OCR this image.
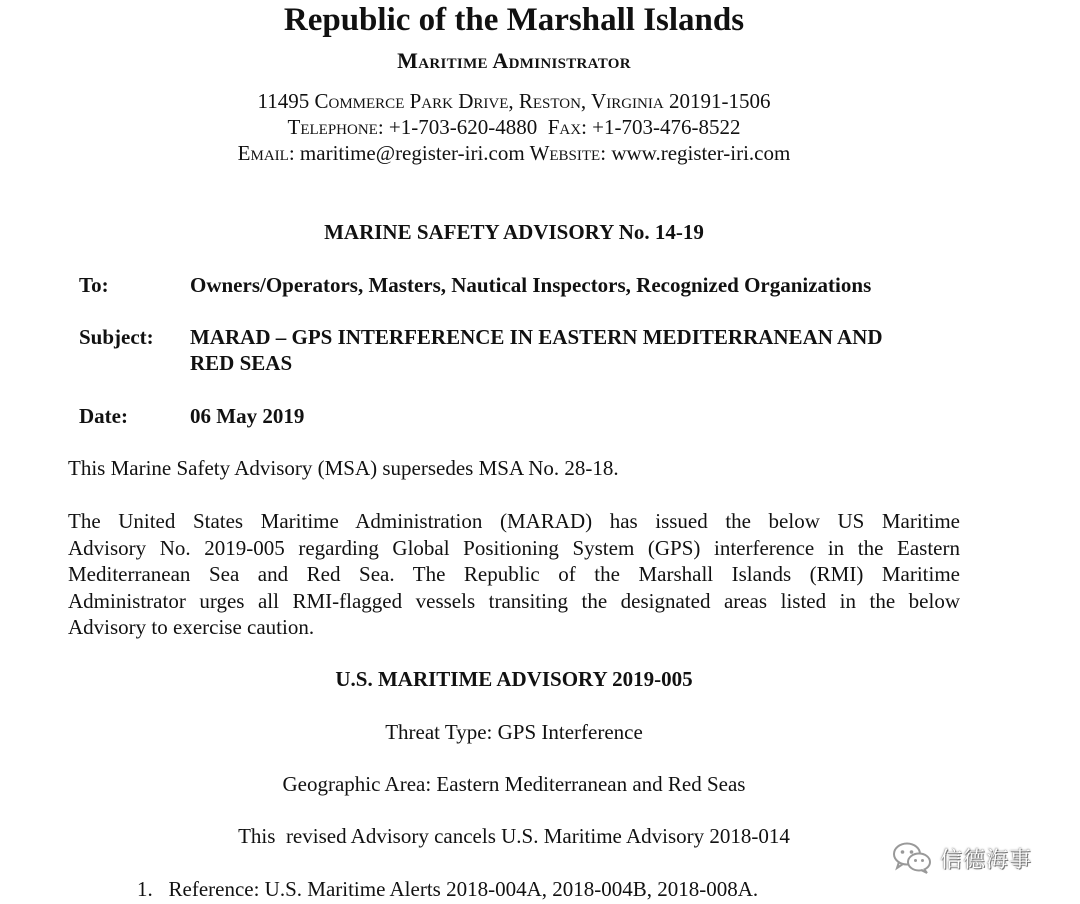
Republic of the Marshall Islands
Maritime Administrator
11495 Commerce Park Drive, Reston, Virginia 20191-1506
Telephone: +1-703-620-4880 Fax: +1-703-476-8522
Email: maritime@register-iri.com Website: www.register-iri.com
MARINE SAFETY ADVISORY No. 14-19
To:	Owners/Operators, Masters, Nautical Inspectors, Recognized Organizations
Subject: MARAD – GPS INTERFERENCE IN EASTERN MEDITERRANEAN AND
RED SEAS
Date:	06 May 2019
This Marine Safety Advisory (MSA) supersedes MSA No. 28-18.
The United States Maritime Administration (MARAD) has issued the below US Maritime
Advisory No. 2019-005 regarding Global Positioning System (GPS) interference in the Eastern
Mediterranean Sea and Red Sea. The Republic of the Marshall Islands (RMI) Maritime
Administrator urges all RMI-flagged vessels transiting the designated areas listed in the below
Advisory to exercise caution.
U.S. MARITIME ADVISORY 2019-005
Threat Type: GPS Interference
Geographic Area: Eastern Mediterranean and Red Seas
This  revised Advisory cancels U.S. Maritime Advisory 2018-014
1. Reference: U.S. Maritime Alerts 2018-004A, 2018-004B, 2018-008A.
信德海事
